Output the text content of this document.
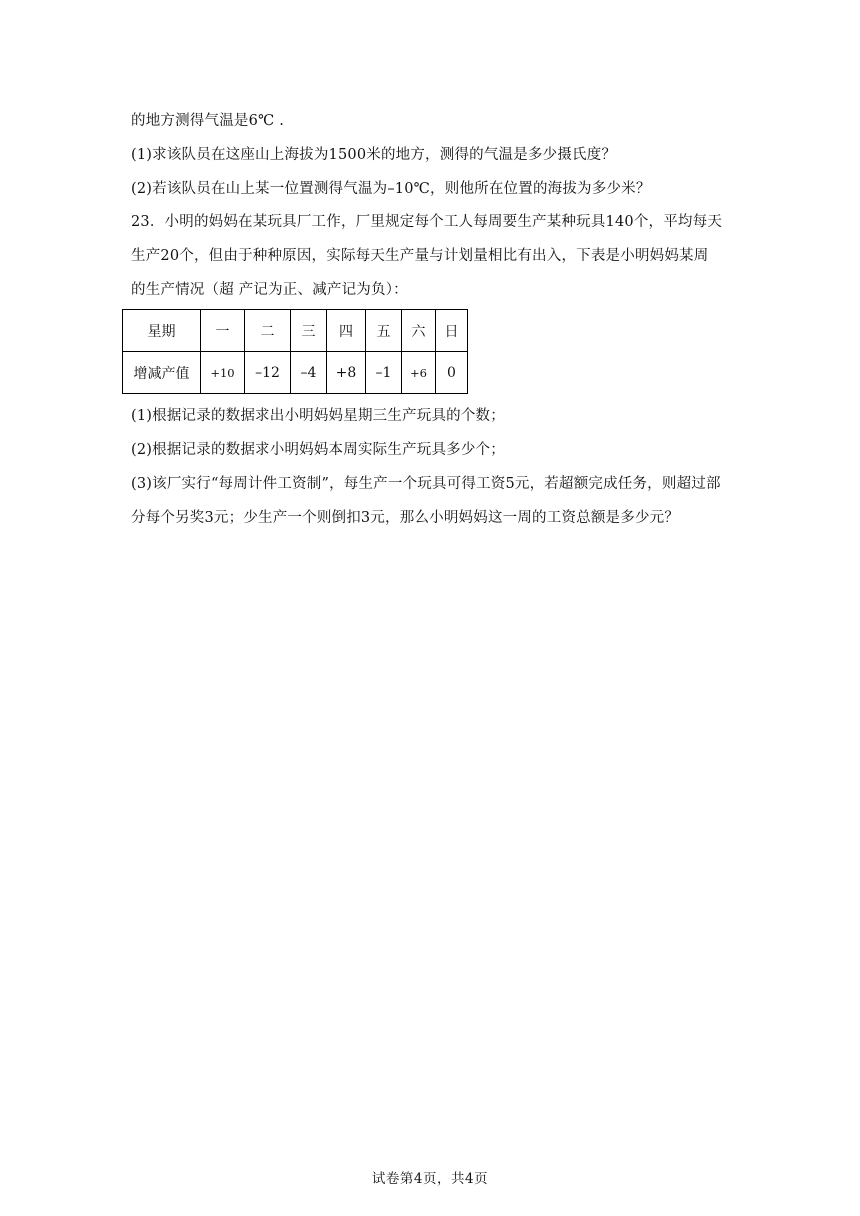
的地方测得气温是6℃ .
(1)求该队员在这座山上海拔为1500米的地方，测得的气温是多少摄氏度？
(2)若该队员在山上某一位置测得气温为–10℃，则他所在位置的海拔为多少米？
23．小明的妈妈在某玩具厂工作，厂里规定每个工人每周要生产某种玩具140个，平均每天
生产20个，但由于种种原因，实际每天生产量与计划量相比有出入，下表是小明妈妈某周
的生产情况（超 产记为正、减产记为负）：
星期	一	二	三	四	五	六	日
增减产值	+10	–12	–4	+8	–1	+6	0
(1)根据记录的数据求出小明妈妈星期三生产玩具的个数；
(2)根据记录的数据求小明妈妈本周实际生产玩具多少个；
(3)该厂实行“每周计件工资制”，每生产一个玩具可得工资5元，若超额完成任务，则超过部
分每个另奖3元；少生产一个则倒扣3元，那么小明妈妈这一周的工资总额是多少元？
试卷第4页，共4页
